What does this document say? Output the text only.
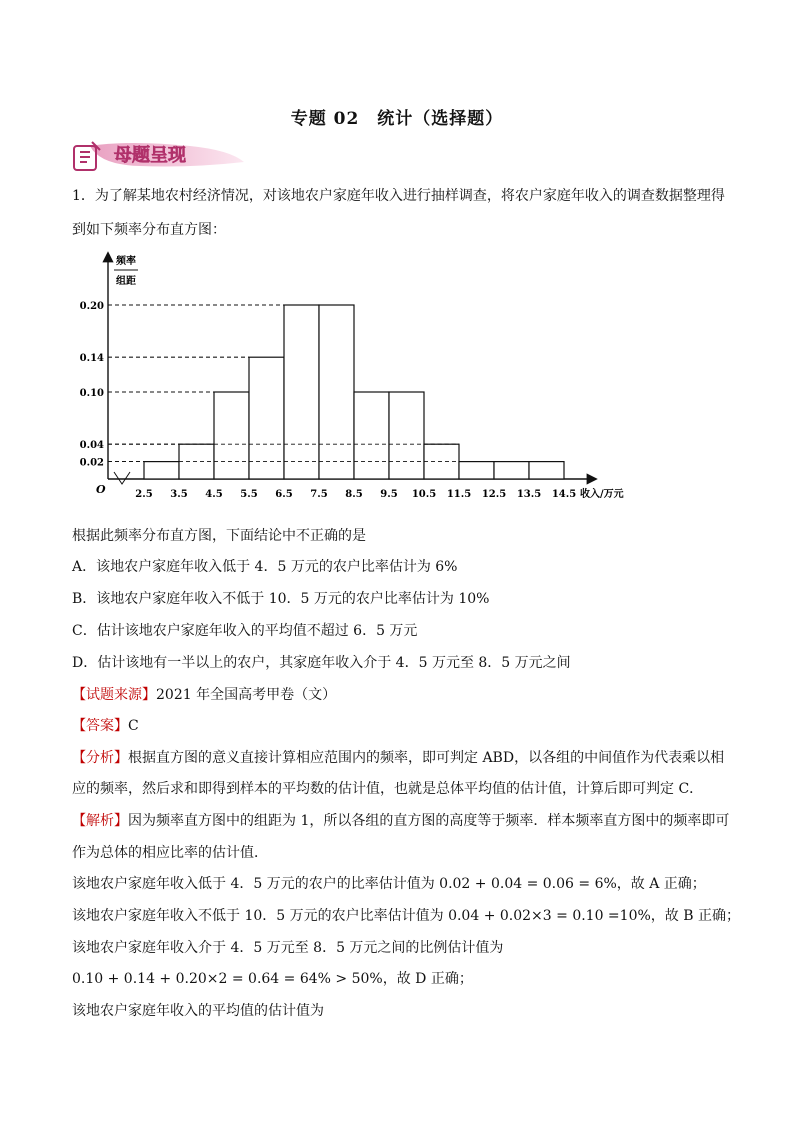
专题 02　统计（选择题）
母题呈现
1．为了解某地农村经济情况，对该地农户家庭年收入进行抽样调查，将农户家庭年收入的调查数据整理得
到如下频率分布直方图：
频率
组距
O	收入/万元
0.02
0.04
0.10
0.14
0.20
2.5 3.5 4.5 5.5 6.5 7.5 8.5 9.5 10.5 11.5 12.5 13.5 14.5
根据此频率分布直方图，下面结论中不正确的是
A．该地农户家庭年收入低于 4．5 万元的农户比率估计为 6%
B．该地农户家庭年收入不低于 10．5 万元的农户比率估计为 10%
C．估计该地农户家庭年收入的平均值不超过 6．5 万元
D．估计该地有一半以上的农户，其家庭年收入介于 4．5 万元至 8．5 万元之间
【试题来源】2021 年全国高考甲卷（文）
【答案】C
【分析】根据直方图的意义直接计算相应范围内的频率，即可判定 ABD，以各组的中间值作为代表乘以相
应的频率，然后求和即得到样本的平均数的估计值，也就是总体平均值的估计值，计算后即可判定 C．
【解析】因为频率直方图中的组距为 1，所以各组的直方图的高度等于频率．样本频率直方图中的频率即可
作为总体的相应比率的估计值．
该地农户家庭年收入低于 4．5 万元的农户的比率估计值为 0.02 + 0.04 = 0.06 = 6%，故 A 正确；
该地农户家庭年收入不低于 10．5 万元的农户比率估计值为 0.04 + 0.02×3 = 0.10 =10%，故 B 正确；
该地农户家庭年收入介于 4．5 万元至 8．5 万元之间的比例估计值为
0.10 + 0.14 + 0.20×2 = 0.64 = 64% > 50%，故 D 正确；
该地农户家庭年收入的平均值的估计值为
